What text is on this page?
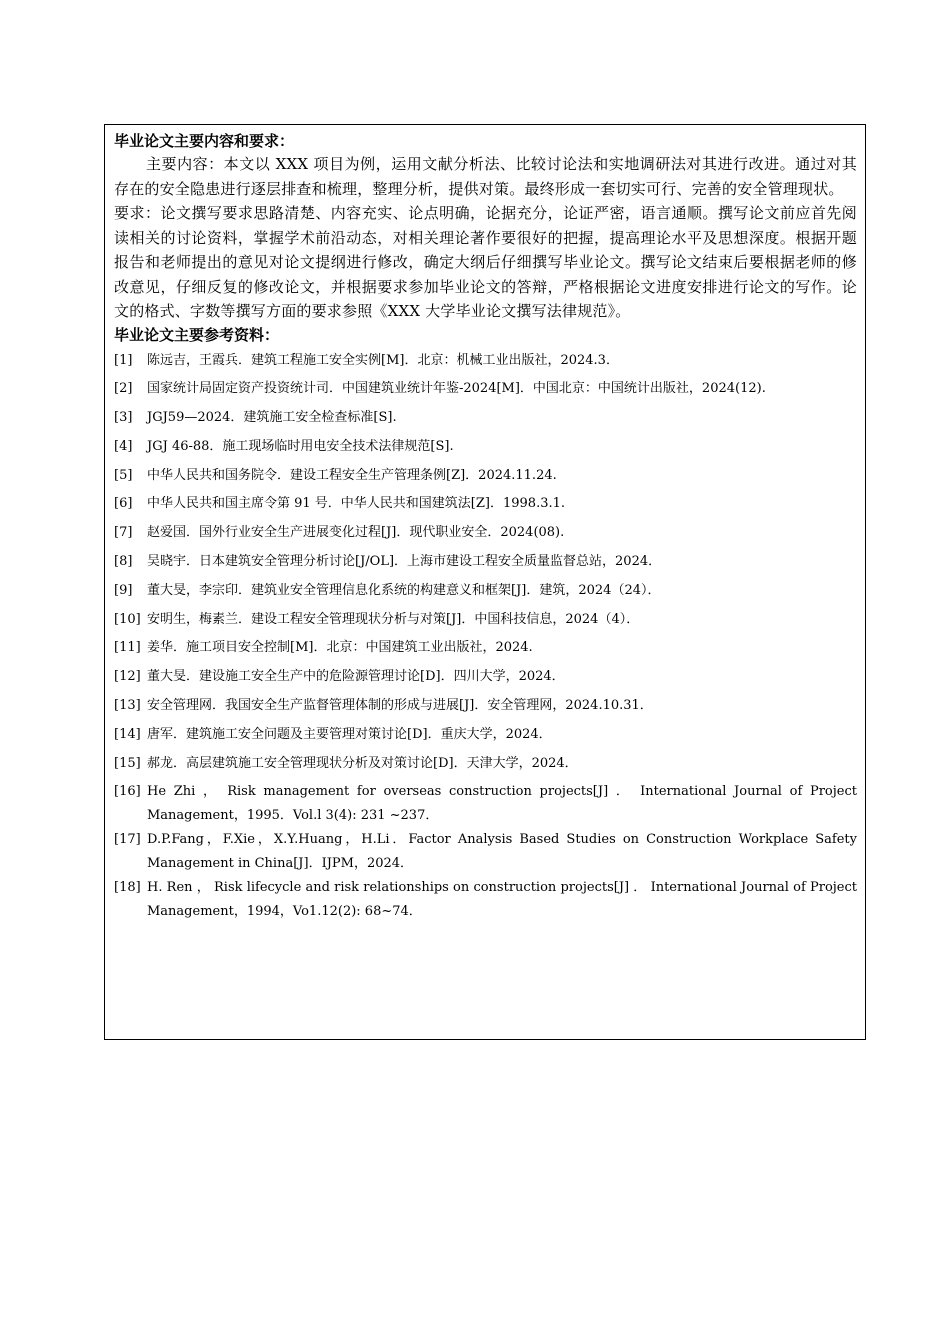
毕业论文主要内容和要求：

主要内容：本文以 XXX 项目为例，运用文献分析法、比较讨论法和实地调研法对其进行改进。通过对其存在的安全隐患进行逐层排查和梳理，整理分析，提供对策。最终形成一套切实可行、完善的安全管理现状。

要求：论文撰写要求思路清楚、内容充实、论点明确，论据充分，论证严密，语言通顺。撰写论文前应首先阅读相关的讨论资料，掌握学术前沿动态，对相关理论著作要很好的把握，提高理论水平及思想深度。根据开题报告和老师提出的意见对论文提纲进行修改，确定大纲后仔细撰写毕业论文。撰写论文结束后要根据老师的修改意见，仔细反复的修改论文，并根据要求参加毕业论文的答辩，严格根据论文进度安排进行论文的写作。论文的格式、字数等撰写方面的要求参照《XXX 大学毕业论文撰写法律规范》。

毕业论文主要参考资料：

[1]	陈远吉，王霞兵．建筑工程施工安全实例[M]．北京：机械工业出版社，2024.3．
[2]	国家统计局固定资产投资统计司．中国建筑业统计年鉴-2024[M]．中国北京：中国统计出版社，2024(12).
[3]	JGJ59—2024．建筑施工安全检查标准[S].
[4]	JGJ 46-88．施工现场临时用电安全技术法律规范[S].
[5]	中华人民共和国务院令．建设工程安全生产管理条例[Z]．2024.11.24.
[6]	中华人民共和国主席令第 91 号．中华人民共和国建筑法[Z]．1998.3.1.
[7]	赵爱国．国外行业安全生产进展变化过程[J]．现代职业安全．2024(08).
[8]	吴晓宇．日本建筑安全管理分析讨论[J/OL]．上海市建设工程安全质量监督总站，2024．
[9]	董大旻，李宗印．建筑业安全管理信息化系统的构建意义和框架[J]．建筑，2024（24）．
[10] 安明生，梅素兰．建设工程安全管理现状分析与对策[J]．中国科技信息，2024（4）．
[11] 姜华．施工项目安全控制[M]．北京：中国建筑工业出版社，2024.
[12] 董大旻．建设施工安全生产中的危险源管理讨论[D]．四川大学，2024．
[13] 安全管理网．我国安全生产监督管理体制的形成与进展[J]．安全管理网，2024.10.31．
[14] 唐军．建筑施工安全问题及主要管理对策讨论[D]．重庆大学，2024．
[15] 郝龙．高层建筑施工安全管理现状分析及对策讨论[D]．天津大学，2024．
[16] He Zhi ， Risk management for overseas construction projects[J] ． International Journal of Project Management，1995．Vol.l 3(4): 231 ~237．
[17] D.P.Fang，F.Xie，X.Y.Huang，H.Li．Factor Analysis Based Studies on Construction Workplace Safety Management in China[J]．IJPM，2024．
[18] H. Ren ， Risk lifecycle and risk relationships on construction projects[J] ． International Journal of Project Management，1994，Vo1.12(2): 68~74．
